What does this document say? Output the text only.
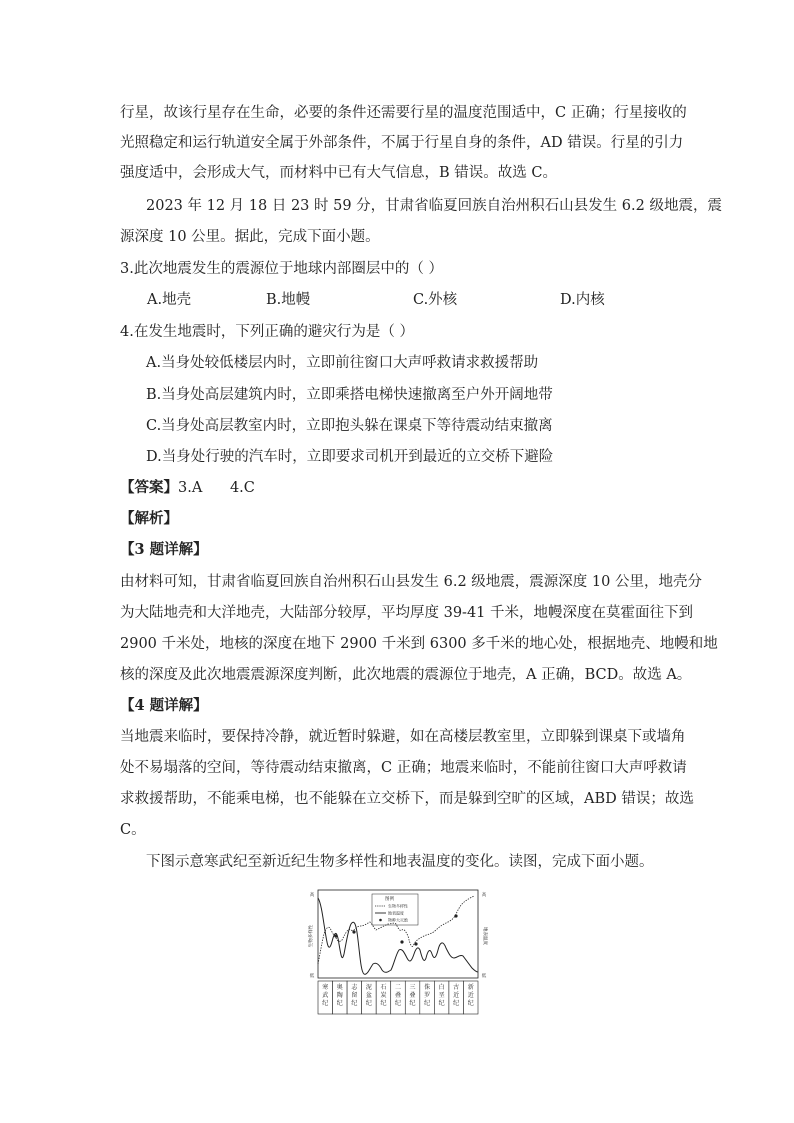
行星，故该行星存在生命，必要的条件还需要行星的温度范围适中，C 正确；行星接收的
光照稳定和运行轨道安全属于外部条件，不属于行星自身的条件，AD 错误。行星的引力
强度适中，会形成大气，而材料中已有大气信息，B 错误。故选 C。
2023 年 12 月 18 日 23 时 59 分，甘肃省临夏回族自治州积石山县发生 6.2 级地震，震
源深度 10 公里。据此，完成下面小题。
3.此次地震发生的震源位于地球内部圈层中的（ ）
A.地壳	B.地幔	C.外核	D.内核
4.在发生地震时，下列正确的避灾行为是（ ）
A.当身处较低楼层内时，立即前往窗口大声呼救请求救援帮助
B.当身处高层建筑内时，立即乘搭电梯快速撤离至户外开阔地带
C.当身处高层教室内时，立即抱头躲在课桌下等待震动结束撤离
D.当身处行驶的汽车时，立即要求司机开到最近的立交桥下避险
【答案】3.A      4.C
【解析】
【3 题详解】
由材料可知，甘肃省临夏回族自治州积石山县发生 6.2 级地震，震源深度 10 公里，地壳分
为大陆地壳和大洋地壳，大陆部分较厚，平均厚度 39-41 千米，地幔深度在莫霍面往下到
2900 千米处，地核的深度在地下 2900 千米到 6300 多千米的地心处，根据地壳、地幔和地
核的深度及此次地震震源深度判断，此次地震的震源位于地壳，A 正确，BCD。故选 A。
【4 题详解】
当地震来临时，要保持冷静，就近暂时躲避，如在高楼层教室里，立即躲到课桌下或墙角
处不易塌落的空间，等待震动结束撤离，C 正确；地震来临时，不能前往窗口大声呼救请
求救援帮助，不能乘电梯，也不能躲在立交桥下，而是躲到空旷的区域，ABD 错误；故选
C。
下图示意寒武纪至新近纪生物多样性和地表温度的变化。读图，完成下面小题。
图例
生物多样性
地表温度
物种大灭绝
高
低
高
低
生物多样性	地表温度
寒
武
纪
奥
陶
纪
志
留
纪
泥
盆
纪
石
炭
纪
二
叠
纪
三
叠
纪
侏
罗
纪
白
垩
纪
古
近
纪
新
近
纪
